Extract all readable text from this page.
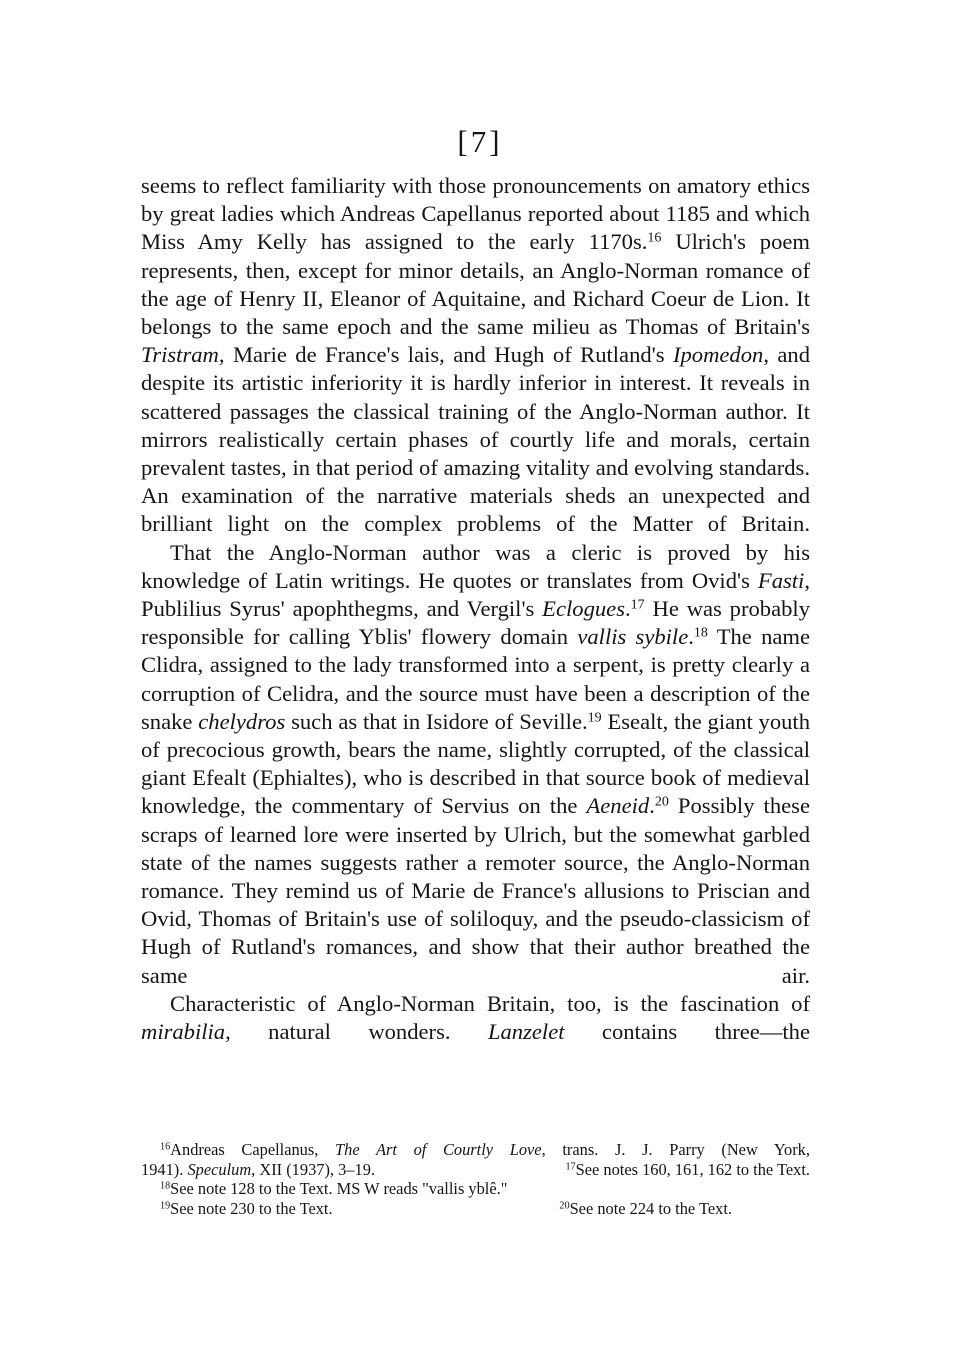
[7]

seems to reflect familiarity with those pronouncements on amatory ethics by great ladies which Andreas Capellanus reported about 1185 and which Miss Amy Kelly has assigned to the early 1170s.$^{16}$ Ulrich's poem represents, then, except for minor details, an Anglo-Norman romance of the age of Henry II, Eleanor of Aquitaine, and Richard Coeur de Lion. It belongs to the same epoch and the same milieu as Thomas of Britain's Tristram, Marie de France's lais, and Hugh of Rutland's Ipomedon, and despite its artistic inferiority it is hardly inferior in interest. It reveals in scattered passages the classical training of the Anglo-Norman author. It mirrors realistically certain phases of courtly life and morals, certain prevalent tastes, in that period of amazing vitality and evolving standards. An examination of the narrative materials sheds an unexpected and brilliant light on the complex problems of the Matter of Britain.

That the Anglo-Norman author was a cleric is proved by his knowledge of Latin writings. He quotes or translates from Ovid's Fasti, Publilius Syrus' apophthegms, and Vergil's Eclogues.$^{17}$ He was probably responsible for calling Yblis' flowery domain vallis sybile.$^{18}$ The name Clidra, assigned to the lady transformed into a serpent, is pretty clearly a corruption of Celidra, and the source must have been a description of the snake chelydros such as that in Isidore of Seville.$^{19}$ Esealt, the giant youth of precocious growth, bears the name, slightly corrupted, of the classical giant Efealt (Ephialtes), who is described in that source book of medieval knowledge, the commentary of Servius on the Aeneid.$^{20}$ Possibly these scraps of learned lore were inserted by Ulrich, but the somewhat garbled state of the names suggests rather a remoter source, the Anglo-Norman romance. They remind us of Marie de France's allusions to Priscian and Ovid, Thomas of Britain's use of soliloquy, and the pseudo-classicism of Hugh of Rutland's romances, and show that their author breathed the same air.

Characteristic of Anglo-Norman Britain, too, is the fascination of mirabilia, natural wonders. Lanzelet contains three—the

$^{16}$Andreas Capellanus, The Art of Courtly Love, trans. J. J. Parry (New York,
1941). Speculum, XII (1937), 3–19.	$^{17}$See notes 160, 161, 162 to the Text.
$^{18}$See note 128 to the Text. MS W reads "vallis yblê."
$^{19}$See note 230 to the Text.	$^{20}$See note 224 to the Text.
